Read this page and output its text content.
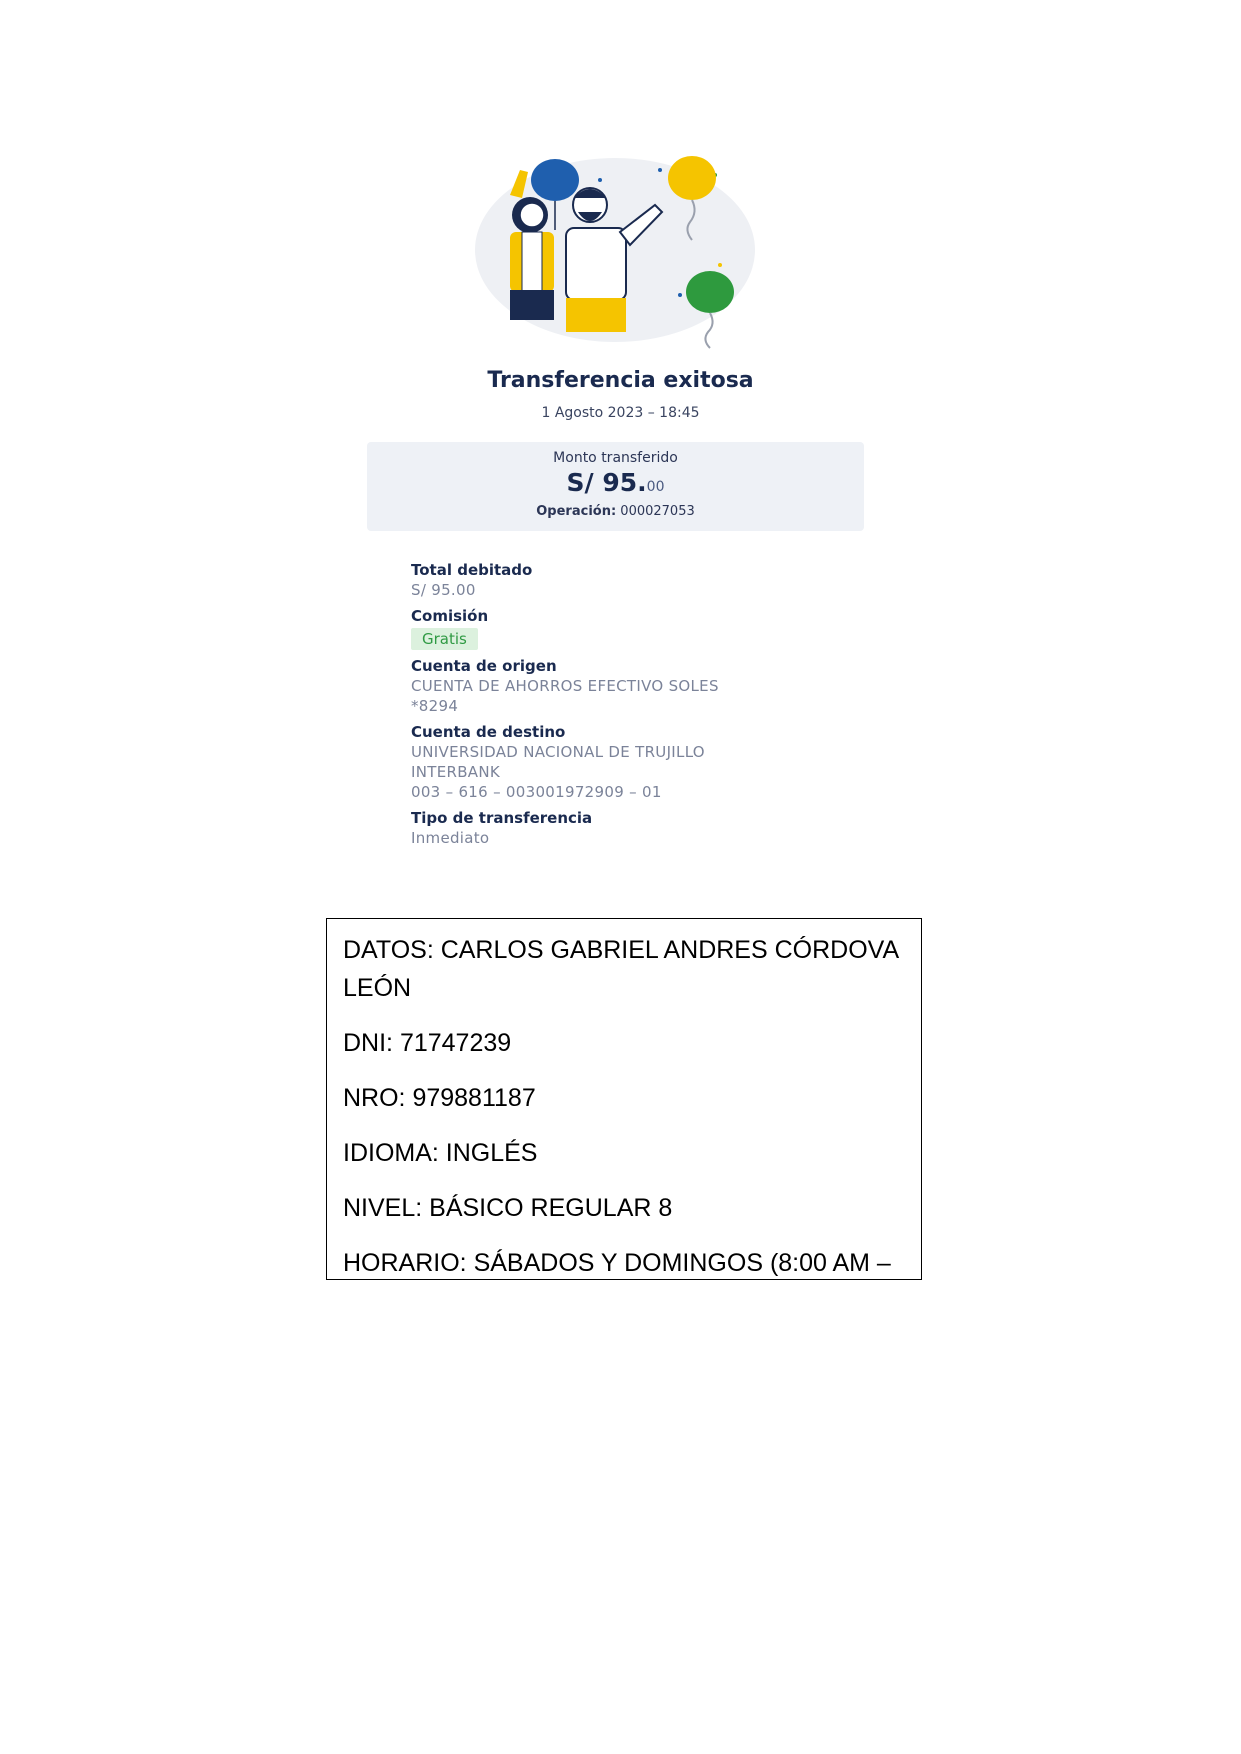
Transferencia exitosa
1 Agosto 2023 – 18:45
Monto transferido
S/ 95.00
Operación: 000027053
Total debitado
S/ 95.00
Comisión
Gratis
Cuenta de origen
CUENTA DE AHORROS EFECTIVO SOLES
*8294
Cuenta de destino
UNIVERSIDAD NACIONAL DE TRUJILLO
INTERBANK
003 – 616 – 003001972909 – 01
Tipo de transferencia
Inmediato

DATOS: CARLOS GABRIEL ANDRES CÓRDOVA LEÓN

DNI: 71747239

NRO: 979881187

IDIOMA: INGLÉS

NIVEL: BÁSICO REGULAR 8

HORARIO: SÁBADOS Y DOMINGOS (8:00 AM –
